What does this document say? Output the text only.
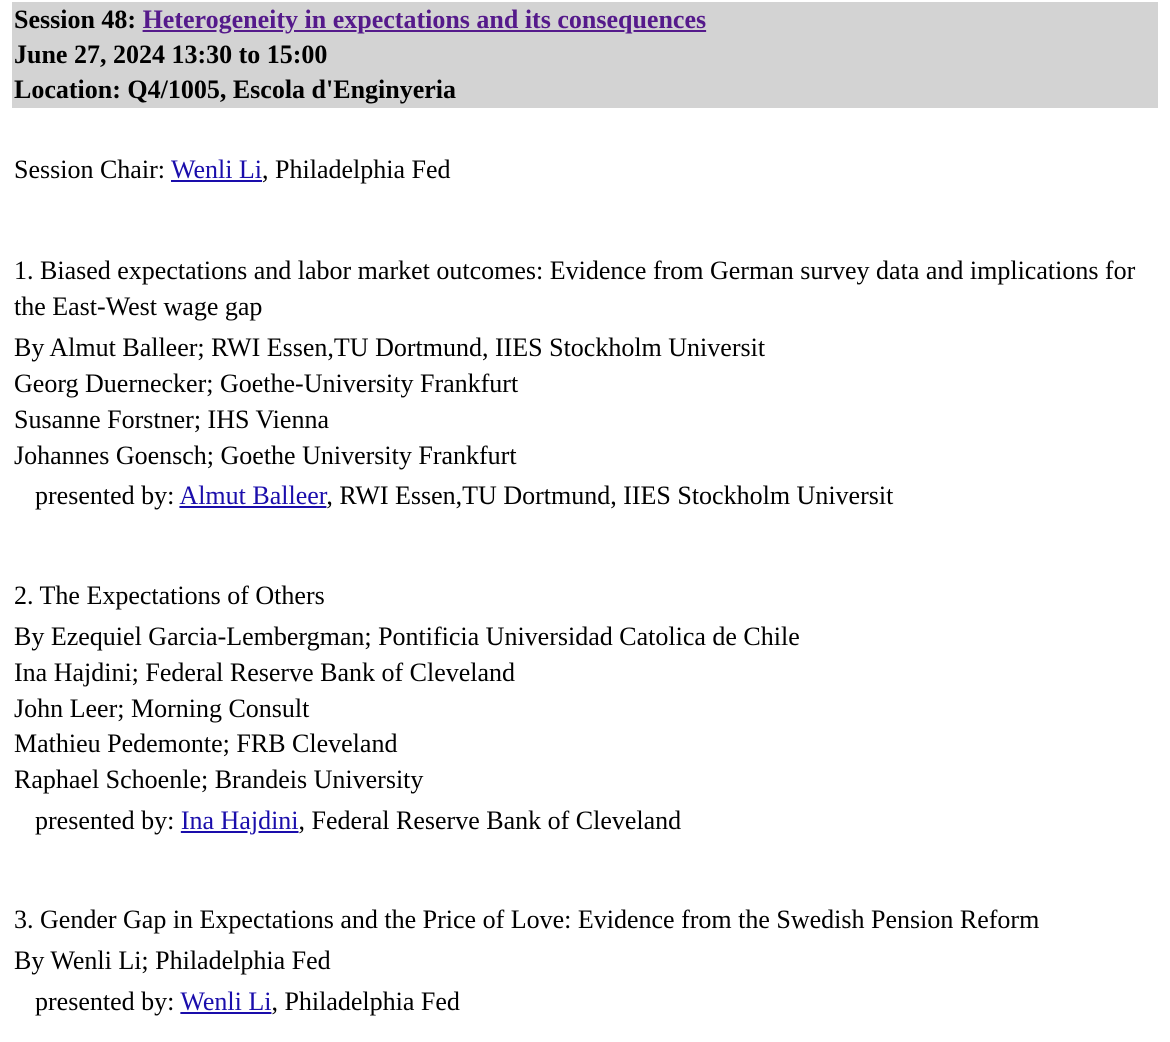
Session 48: Heterogeneity in expectations and its consequences
June 27, 2024 13:30 to 15:00
Location: Q4/1005, Escola d'Enginyeria
Session Chair: Wenli Li, Philadelphia Fed
1. Biased expectations and labor market outcomes: Evidence from German survey data and implications for the East-West wage gap
By Almut Balleer; RWI Essen,TU Dortmund, IIES Stockholm Universit
Georg Duernecker; Goethe-University Frankfurt
Susanne Forstner; IHS Vienna
Johannes Goensch; Goethe University Frankfurt
presented by: Almut Balleer, RWI Essen,TU Dortmund, IIES Stockholm Universit
2. The Expectations of Others
By Ezequiel Garcia-Lembergman; Pontificia Universidad Catolica de Chile
Ina Hajdini; Federal Reserve Bank of Cleveland
John Leer; Morning Consult
Mathieu Pedemonte; FRB Cleveland
Raphael Schoenle; Brandeis University
presented by: Ina Hajdini, Federal Reserve Bank of Cleveland
3. Gender Gap in Expectations and the Price of Love: Evidence from the Swedish Pension Reform
By Wenli Li; Philadelphia Fed
presented by: Wenli Li, Philadelphia Fed
